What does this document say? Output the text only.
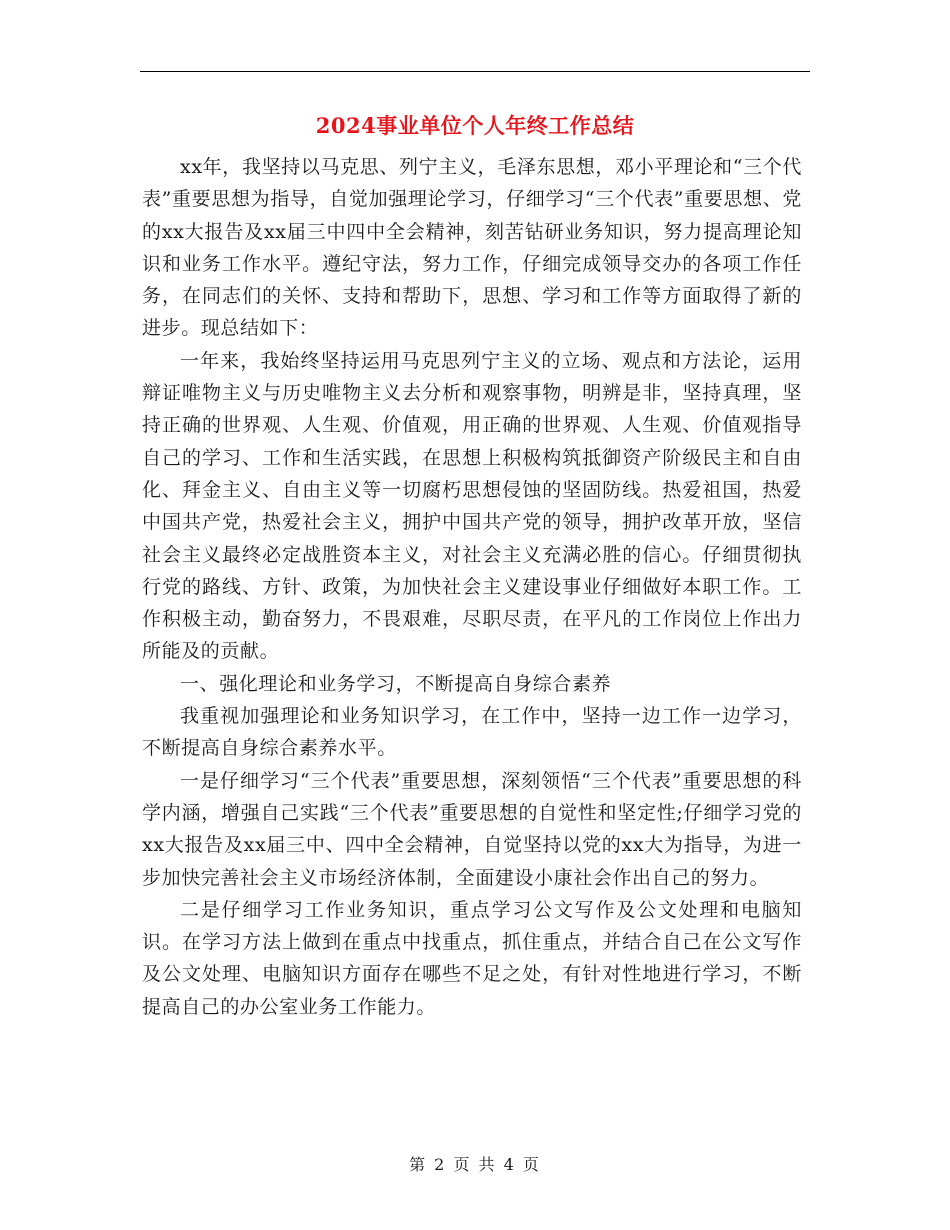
2024事业单位个人年终工作总结

xx年，我坚持以马克思、列宁主义，毛泽东思想，邓小平理论和“三个代表”重要思想为指导，自觉加强理论学习，仔细学习“三个代表”重要思想、党的xx大报告及xx届三中四中全会精神，刻苦钻研业务知识，努力提高理论知识和业务工作水平。遵纪守法，努力工作，仔细完成领导交办的各项工作任务，在同志们的关怀、支持和帮助下，思想、学习和工作等方面取得了新的进步。现总结如下：

一年来，我始终坚持运用马克思列宁主义的立场、观点和方法论，运用辩证唯物主义与历史唯物主义去分析和观察事物，明辨是非，坚持真理，坚持正确的世界观、人生观、价值观，用正确的世界观、人生观、价值观指导自己的学习、工作和生活实践，在思想上积极构筑抵御资产阶级民主和自由化、拜金主义、自由主义等一切腐朽思想侵蚀的坚固防线。热爱祖国，热爱中国共产党，热爱社会主义，拥护中国共产党的领导，拥护改革开放，坚信社会主义最终必定战胜资本主义，对社会主义充满必胜的信心。仔细贯彻执行党的路线、方针、政策，为加快社会主义建设事业仔细做好本职工作。工作积极主动，勤奋努力，不畏艰难，尽职尽责，在平凡的工作岗位上作出力所能及的贡献。

一、强化理论和业务学习，不断提高自身综合素养

我重视加强理论和业务知识学习，在工作中，坚持一边工作一边学习，不断提高自身综合素养水平。

一是仔细学习“三个代表”重要思想，深刻领悟“三个代表”重要思想的科学内涵，增强自己实践“三个代表”重要思想的自觉性和坚定性;仔细学习党的xx大报告及xx届三中、四中全会精神，自觉坚持以党的xx大为指导，为进一步加快完善社会主义市场经济体制，全面建设小康社会作出自己的努力。

二是仔细学习工作业务知识，重点学习公文写作及公文处理和电脑知识。在学习方法上做到在重点中找重点，抓住重点，并结合自己在公文写作及公文处理、电脑知识方面存在哪些不足之处，有针对性地进行学习，不断提高自己的办公室业务工作能力。

第 2 页 共 4 页
